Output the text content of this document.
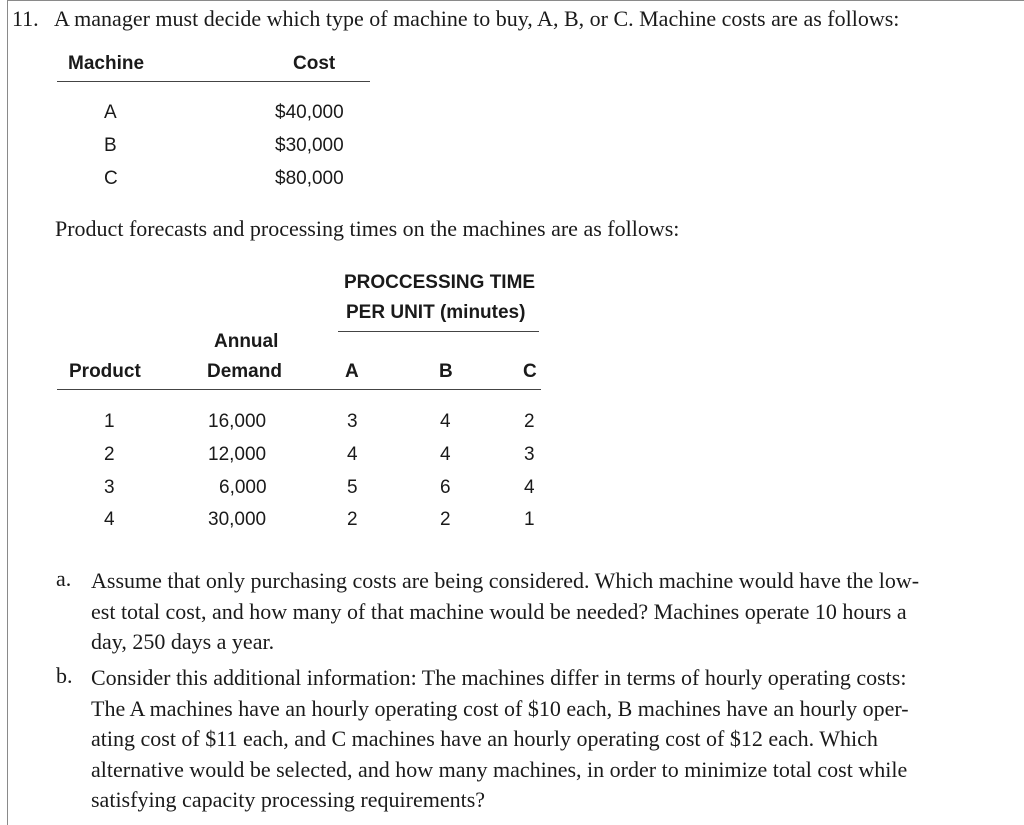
11. A manager must decide which type of machine to buy, A, B, or C. Machine costs are as follows:
Machine	Cost
A	$40,000
B	$30,000
C	$80,000
Product forecasts and processing times on the machines are as follows:
PROCCESSING TIME
PER UNIT (minutes)
Annual
Product	Demand	A	B	C
1	16,000	3	4	2
2	12,000	4	4	3
3	6,000	5	6	4
4	30,000	2	2	1
a. Assume that only purchasing costs are being considered. Which machine would have the low-
est total cost, and how many of that machine would be needed? Machines operate 10 hours a
day, 250 days a year.
b. Consider this additional information: The machines differ in terms of hourly operating costs:
The A machines have an hourly operating cost of $10 each, B machines have an hourly oper-
ating cost of $11 each, and C machines have an hourly operating cost of $12 each. Which
alternative would be selected, and how many machines, in order to minimize total cost while
satisfying capacity processing requirements?
